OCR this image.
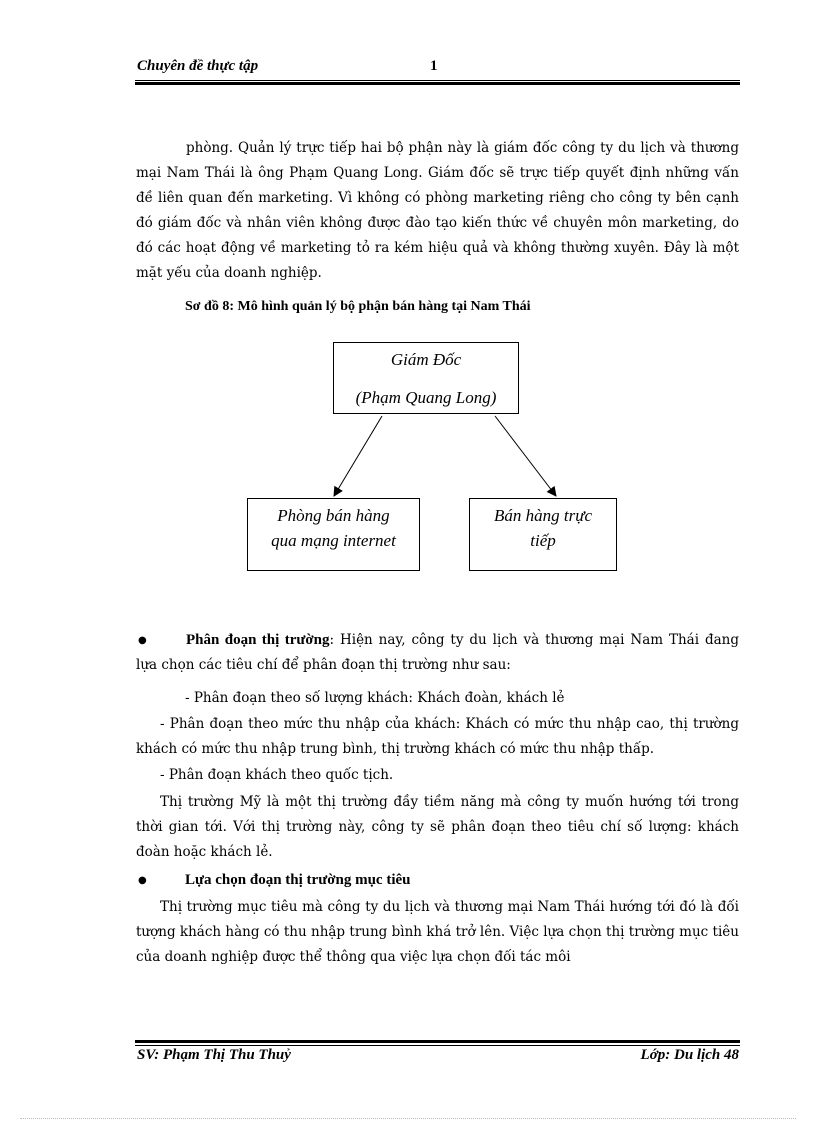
Chuyên đề thực tập	1
phòng. Quản lý trực tiếp hai bộ phận này là giám đốc công ty du lịch và thương mại Nam Thái là ông Phạm Quang Long. Giám đốc sẽ trực tiếp quyết định những vấn đề liên quan đến marketing. Vì không có phòng marketing riêng cho công ty bên cạnh đó giám đốc và nhân viên không được đào tạo kiến thức về chuyên môn marketing, do đó các hoạt động về marketing tỏ ra kém hiệu quả và không thường xuyên. Đây là một mặt yếu của doanh nghiệp.
Sơ đồ 8: Mô hình quản lý bộ phận bán hàng tại Nam Thái
Giám Đốc
(Phạm Quang Long)
Phòng bán hàng
qua mạng internet
Bán hàng trực
tiếp
●	Phân đoạn thị trường: Hiện nay, công ty du lịch và thương mại Nam Thái đang lựa chọn các tiêu chí để phân đoạn thị trường như sau:
- Phân đoạn theo số lượng khách: Khách đoàn, khách lẻ
- Phân đoạn theo mức thu nhập của khách: Khách có mức thu nhập cao, thị trường khách có mức thu nhập trung bình, thị trường khách có mức thu nhập thấp.
- Phân đoạn khách theo quốc tịch.
Thị trường Mỹ là một thị trường đầy tiềm năng mà công ty muốn hướng tới trong thời gian tới. Với thị trường này, công ty sẽ phân đoạn theo tiêu chí số lượng: khách đoàn hoặc khách lẻ.
●	Lựa chọn đoạn thị trường mục tiêu
Thị trường mục tiêu mà công ty du lịch và thương mại Nam Thái hướng tới đó là đối tượng khách hàng có thu nhập trung bình khá trở lên. Việc lựa chọn thị trường mục tiêu của doanh nghiệp được thể thông qua việc lựa chọn đối tác môi
SV: Phạm Thị Thu Thuỷ	Lớp: Du lịch 48
